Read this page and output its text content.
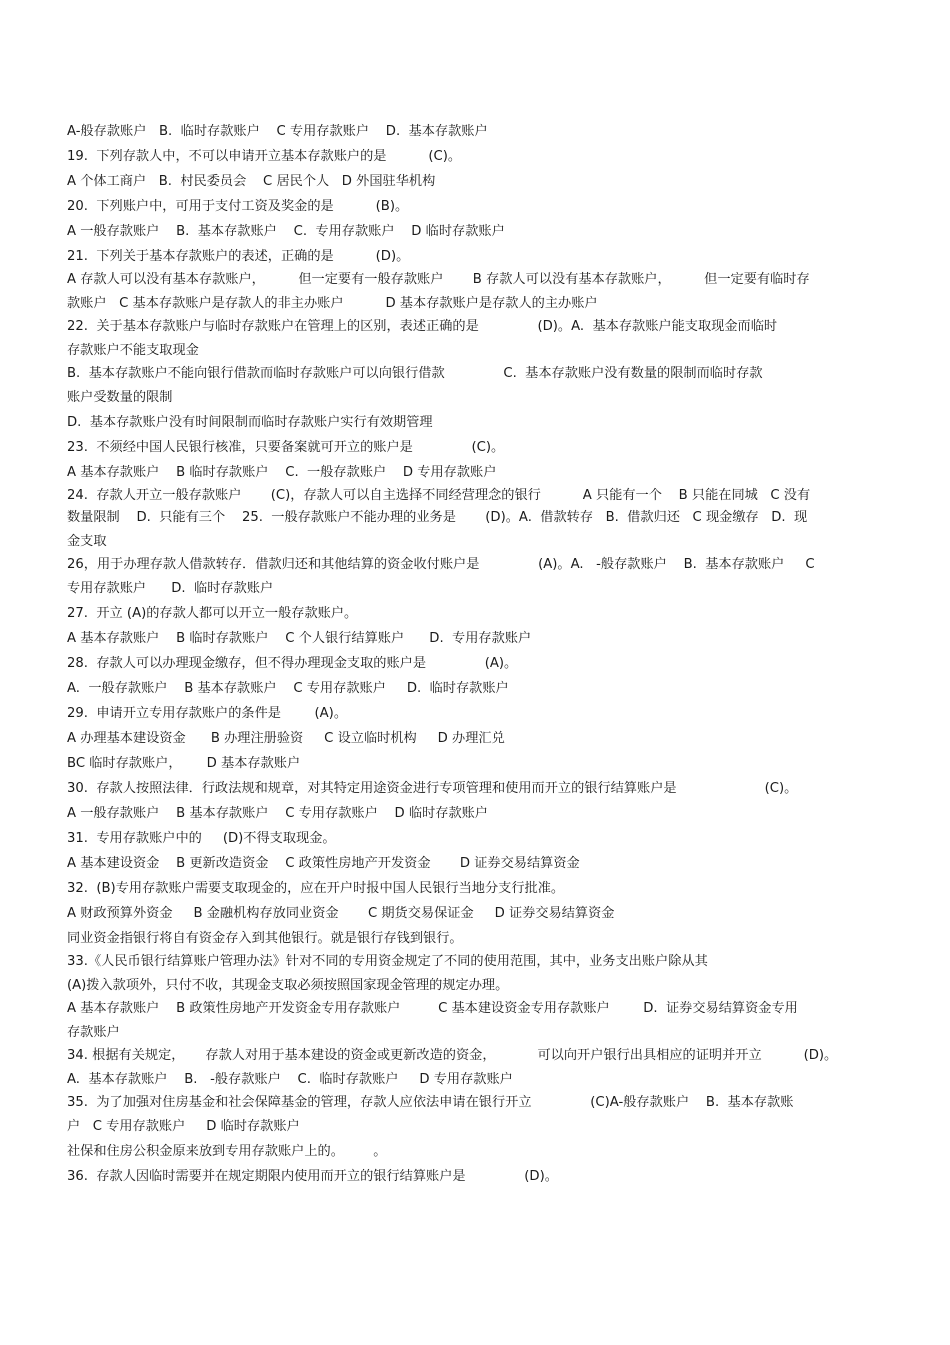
A-般存款账户   B.  临时存款账户    C 专用存款账户    D.  基本存款账户
19.  下列存款人中，不可以申请开立基本存款账户的是          (C)。
A 个体工商户   B.  村民委员会    C 居民个人   D 外国驻华机构
20.  下列账户中，可用于支付工资及奖金的是          (B)。
A 一般存款账户    B.  基本存款账户    C.  专用存款账户    D 临时存款账户
21.  下列关于基本存款账户的表述，正确的是          (D)。
A 存款人可以没有基本存款账户，        但一定要有一般存款账户       B 存款人可以没有基本存款账户，        但一定要有临时存
款账户   C 基本存款账户是存款人的非主办账户          D 基本存款账户是存款人的主办账户
22.  关于基本存款账户与临时存款账户在管理上的区别，表述正确的是              (D)。A.  基本存款账户能支取现金而临时
存款账户不能支取现金
B.  基本存款账户不能向银行借款而临时存款账户可以向银行借款              C.  基本存款账户没有数量的限制而临时存款
账户受数量的限制
D.  基本存款账户没有时间限制而临时存款账户实行有效期管理
23.  不须经中国人民银行核准，只要备案就可开立的账户是              (C)。
A 基本存款账户    B 临时存款账户    C.  一般存款账户    D 专用存款账户
24.  存款人开立一般存款账户       (C)，存款人可以自主选择不同经营理念的银行          A 只能有一个    B 只能在同城   C 没有
数量限制    D.  只能有三个    25.  一般存款账户不能办理的业务是       (D)。A.  借款转存   B.  借款归还   C 现金缴存   D.  现
金支取
26，用于办理存款人借款转存．借款归还和其他结算的资金收付账户是              (A)。A.   -般存款账户    B.  基本存款账户     C
专用存款账户      D.  临时存款账户
27.  开立 (A)的存款人都可以开立一般存款账户。
A 基本存款账户    B 临时存款账户    C 个人银行结算账户      D.  专用存款账户
28.  存款人可以办理现金缴存，但不得办理现金支取的账户是              (A)。
A.  一般存款账户    B 基本存款账户    C 专用存款账户     D.  临时存款账户
29.  申请开立专用存款账户的条件是        (A)。
A 办理基本建设资金      B 办理注册验资     C 设立临时机构     D 办理汇兑
BC 临时存款账户，      D 基本存款账户
30.  存款人按照法律．行政法规和规章，对其特定用途资金进行专项管理和使用而开立的银行结算账户是                     (C)。
A 一般存款账户    B 基本存款账户    C 专用存款账户    D 临时存款账户
31.  专用存款账户中的     (D)不得支取现金。
A 基本建设资金    B 更新改造资金    C 政策性房地产开发资金       D 证券交易结算资金
32.  (B)专用存款账户需要支取现金的，应在开户时报中国人民银行当地分支行批准。
A 财政预算外资金     B 金融机构存放同业资金       C 期货交易保证金     D 证券交易结算资金
同业资金指银行将自有资金存入到其他银行。就是银行存钱到银行。
33.《人民币银行结算账户管理办法》针对不同的专用资金规定了不同的使用范围，其中，业务支出账户除从其
(A)拨入款项外，只付不收，其现金支取必须按照国家现金管理的规定办理。
A 基本存款账户    B 政策性房地产开发资金专用存款账户         C 基本建设资金专用存款账户        D.  证券交易结算资金专用
存款账户
34. 根据有关规定，     存款人对用于基本建设的资金或更新改造的资金，          可以向开户银行出具相应的证明并开立          (D)。
A.  基本存款账户    B.   -般存款账户    C.  临时存款账户     D 专用存款账户
35.  为了加强对住房基金和社会保障基金的管理，存款人应依法申请在银行开立              (C)A-般存款账户    B.  基本存款账
户   C 专用存款账户     D 临时存款账户
社保和住房公积金原来放到专用存款账户上的。       。
36.  存款人因临时需要并在规定期限内使用而开立的银行结算账户是              (D)。
